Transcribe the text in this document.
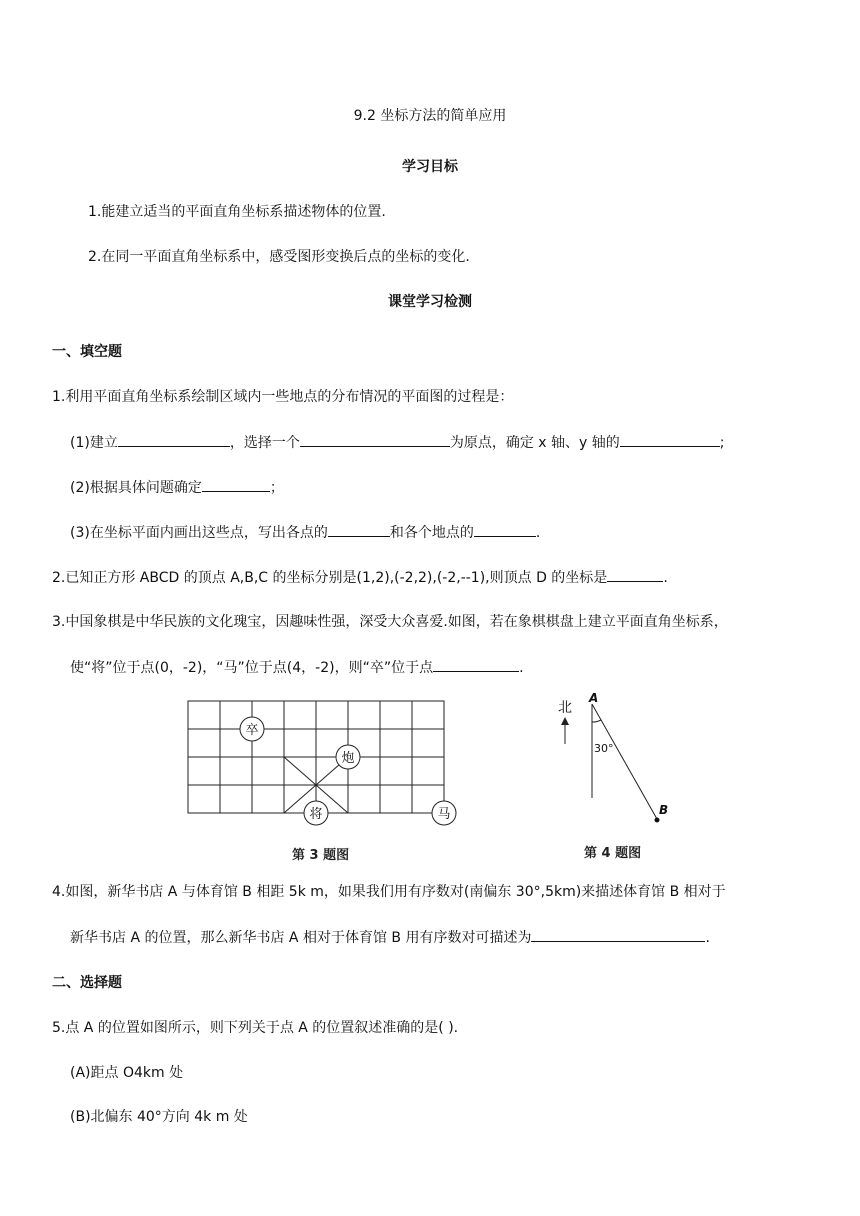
9.2 坐标方法的简单应用
学习目标
1.能建立适当的平面直角坐标系描述物体的位置.
2.在同一平面直角坐标系中，感受图形变换后点的坐标的变化.
课堂学习检测
一、填空题
1.利用平面直角坐标系绘制区域内一些地点的分布情况的平面图的过程是：
(1)建立	，选择一个	为原点，确定 x 轴、y 轴的	;
(2)根据具体问题确定	；
(3)在坐标平面内画出这些点，写出各点的	和各个地点的	.
2.已知正方形 ABCD 的顶点 A,B,C 的坐标分别是(1,2),(-2,2),(-2,--1),则顶点 D 的坐标是	.
3.中国象棋是中华民族的文化瑰宝，因趣味性强，深受大众喜爱.如图，若在象棋棋盘上建立平面直角坐标系，
使“将”位于点(0，-2)，“马”位于点(4，-2)，则“卒”位于点	.
卒
炮
将	马
第 3 题图
北
A
30°
B
第 4 题图
4.如图，新华书店 A 与体育馆 B 相距 5k m，如果我们用有序数对(南偏东 30°,5km)来描述体育馆 B 相对于
新华书店 A 的位置，那么新华书店 A 相对于体育馆 B 用有序数对可描述为	.
二、选择题
5.点 A 的位置如图所示，则下列关于点 A 的位置叙述准确的是( ).
(A)距点 O4km 处
(B)北偏东 40°方向 4k m 处
